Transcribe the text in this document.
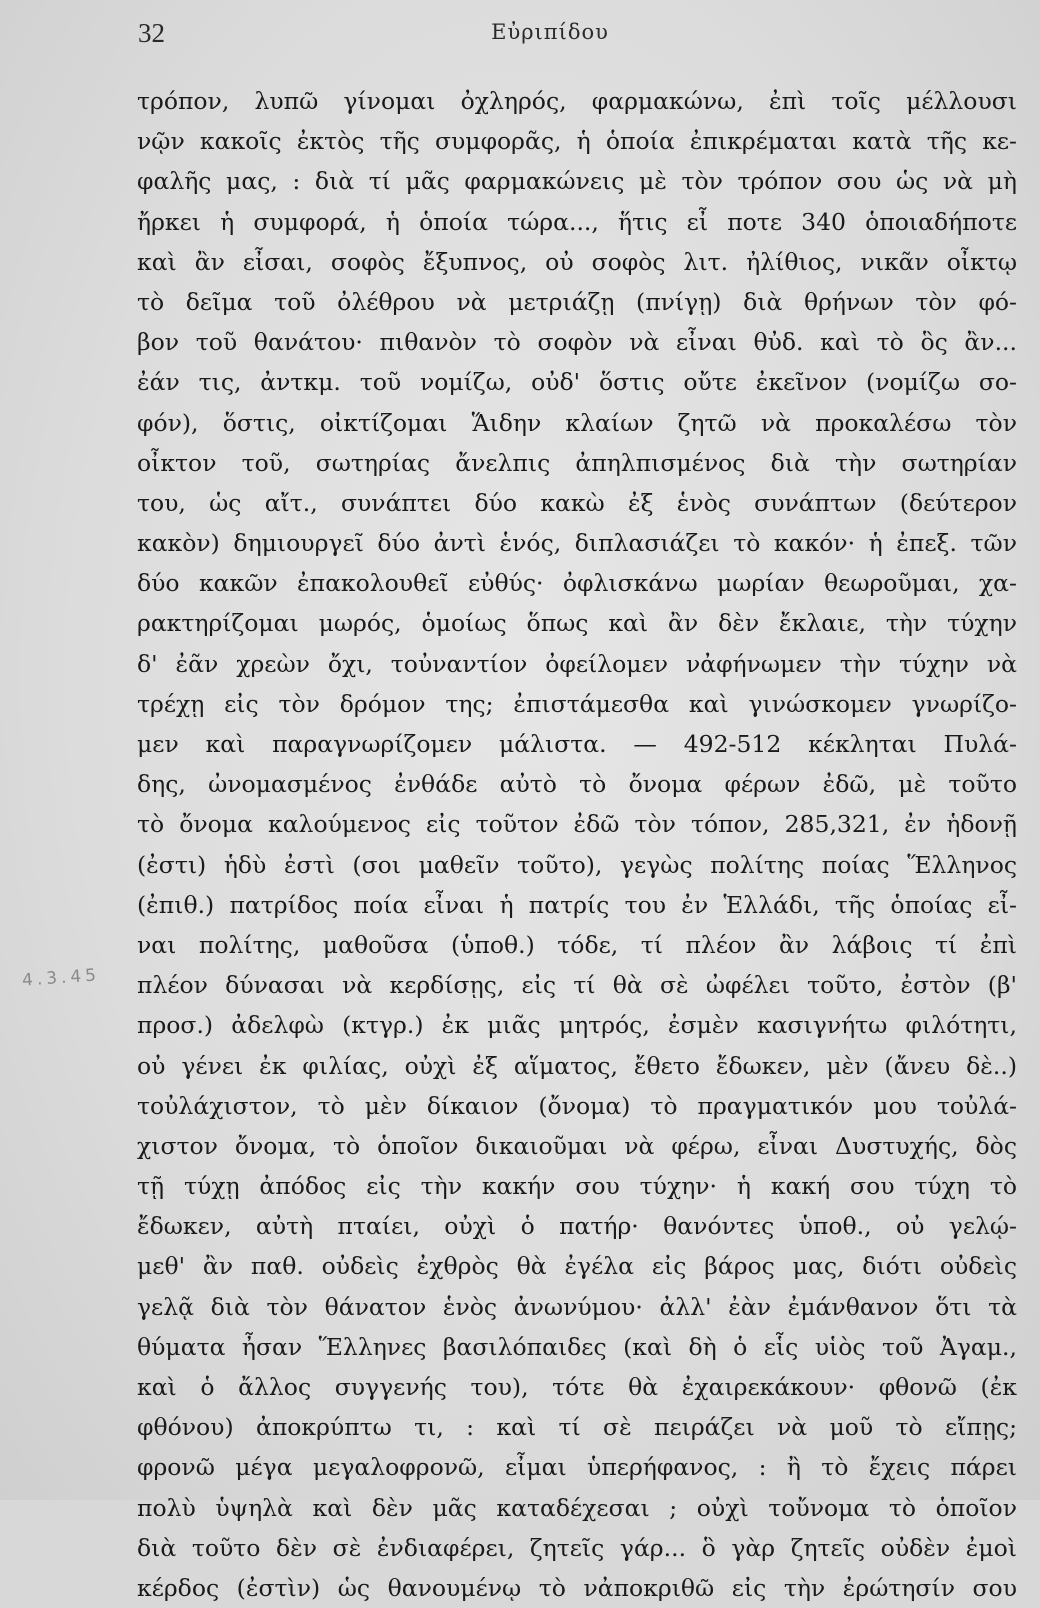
32	Εὐριπίδου
4.3.45
τρόπον, λυπῶ γίνομαι ὀχληρός, φαρμακώνω, ἐπὶ τοῖς μέλλουσι
νῷν κακοῖς ἐκτὸς τῆς συμφορᾶς, ἡ ὁποία ἐπικρέμαται κατὰ τῆς κε-
φαλῆς μας, : διὰ τί μᾶς φαρμακώνεις μὲ τὸν τρόπον σου ὡς νὰ μὴ
ἤρκει ἡ συμφορά, ἡ ὁποία τώρα..., ἥτις εἶ ποτε 340 ὁποιαδήποτε
καὶ ἂν εἶσαι, σοφὸς ἔξυπνος, οὐ σοφὸς λιτ. ἠλίθιος, νικᾶν οἶκτῳ
τὸ δεῖμα τοῦ ὀλέθρου νὰ μετριάζῃ (πνίγῃ) διὰ θρήνων τὸν φό-
βον τοῦ θανάτου· πιθανὸν τὸ σοφὸν νὰ εἶναι θὐδ. καὶ τὸ ὃς ἂν...
ἐάν τις, ἀντκμ. τοῦ νομίζω, οὐδ' ὅστις οὔτε ἐκεῖνον (νομίζω σο-
φόν), ὅστις, οἰκτίζομαι Ἅιδην κλαίων ζητῶ νὰ προκαλέσω τὸν
οἶκτον τοῦ, σωτηρίας ἄνελπις ἀπηλπισμένος διὰ τὴν σωτηρίαν
του, ὡς αἴτ., συνάπτει δύο κακὼ ἐξ ἑνὸς συνάπτων (δεύτερον
κακὸν) δημιουργεῖ δύο ἀντὶ ἑνός, διπλασιάζει τὸ κακόν· ἡ ἐπεξ. τῶν
δύο κακῶν ἐπακολουθεῖ εὐθύς· ὀφλισκάνω μωρίαν θεωροῦμαι, χα-
ρακτηρίζομαι μωρός, ὁμοίως ὅπως καὶ ἂν δὲν ἔκλαιε, τὴν τύχην
δ' ἐᾶν χρεὼν ὄχι, τοὐναντίον ὀφείλομεν νἀφήνωμεν τὴν τύχην νὰ
τρέχῃ εἰς τὸν δρόμον της; ἐπιστάμεσθα καὶ γινώσκομεν γνωρίζο-
μεν καὶ παραγνωρίζομεν μάλιστα. — 492-512 κέκληται Πυλά-
δης, ὠνομασμένος ἐνθάδε αὐτὸ τὸ ὄνομα φέρων ἐδῶ, μὲ τοῦτο
τὸ ὄνομα καλούμενος εἰς τοῦτον ἐδῶ τὸν τόπον, 285,321, ἐν ἡδονῇ
(ἐστι) ἡδὺ ἐστὶ (σοι μαθεῖν τοῦτο), γεγὼς πολίτης ποίας Ἕλληνος
(ἐπιθ.) πατρίδος ποία εἶναι ἡ πατρίς του ἐν Ἑλλάδι, τῆς ὁποίας εἶ-
ναι πολίτης, μαθοῦσα (ὑποθ.) τόδε, τί πλέον ἂν λάβοις τί ἐπὶ
πλέον δύνασαι νὰ κερδίσῃς, εἰς τί θὰ σὲ ὠφέλει τοῦτο, ἐστὸν (β'
προσ.) ἀδελφὼ (κτγρ.) ἐκ μιᾶς μητρός, ἐσμὲν κασιγνήτω φιλότητι,
οὐ γένει ἐκ φιλίας, οὐχὶ ἐξ αἵματος, ἔθετο ἔδωκεν, μὲν (ἄνευ δὲ..)
τοὐλάχιστον, τὸ μὲν δίκαιον (ὄνομα) τὸ πραγματικόν μου τοὐλά-
χιστον ὄνομα, τὸ ὁποῖον δικαιοῦμαι νὰ φέρω, εἶναι Δυστυχής, δὸς
τῇ τύχῃ ἀπόδος εἰς τὴν κακήν σου τύχην· ἡ κακή σου τύχη τὸ
ἔδωκεν, αὐτὴ πταίει, οὐχὶ ὁ πατήρ· θανόντες ὑποθ., οὐ γελῴ-
μεθ' ἂν παθ. οὐδεὶς ἐχθρὸς θὰ ἐγέλα εἰς βάρος μας, διότι οὐδεὶς
γελᾷ διὰ τὸν θάνατον ἑνὸς ἀνωνύμου· ἀλλ' ἐὰν ἐμάνθανον ὅτι τὰ
θύματα ἦσαν Ἕλληνες βασιλόπαιδες (καὶ δὴ ὁ εἷς υἱὸς τοῦ Ἀγαμ.,
καὶ ὁ ἄλλος συγγενής του), τότε θὰ ἐχαιρεκάκουν· φθονῶ (ἐκ
φθόνου) ἀποκρύπτω τι, : καὶ τί σὲ πειράζει νὰ μοῦ τὸ εἴπῃς;
φρονῶ μέγα μεγαλοφρονῶ, εἶμαι ὑπερήφανος, : ἢ τὸ ἔχεις πάρει
πολὺ ὑψηλὰ καὶ δὲν μᾶς καταδέχεσαι ; οὐχὶ τοὔνομα τὸ ὁποῖον
διὰ τοῦτο δὲν σὲ ἐνδιαφέρει, ζητεῖς γάρ... ὃ γὰρ ζητεῖς οὐδὲν ἐμοὶ
κέρδος (ἐστὶν) ὡς θανουμένῳ τὸ νἀποκριθῶ εἰς τὴν ἐρώτησίν σου
